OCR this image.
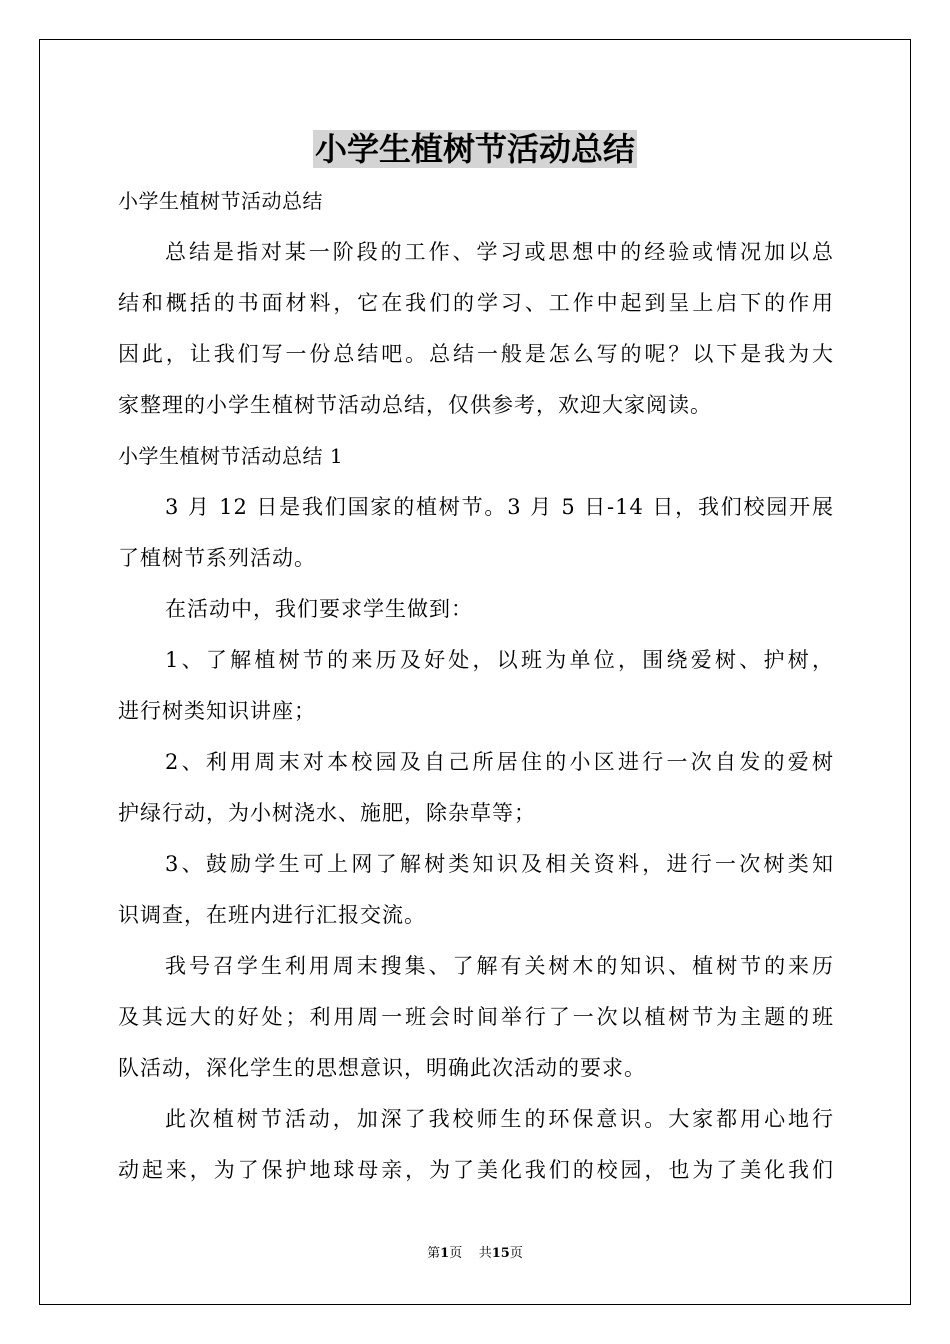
小学生植树节活动总结
小学生植树节活动总结
总结是指对某一阶段的工作、学习或思想中的经验或情况加以总
结和概括的书面材料，它在我们的学习、工作中起到呈上启下的作用
因此，让我们写一份总结吧。总结一般是怎么写的呢？以下是我为大
家整理的小学生植树节活动总结，仅供参考，欢迎大家阅读。
小学生植树节活动总结 1
3 月 12 日是我们国家的植树节。3 月 5 日-14 日，我们校园开展
了植树节系列活动。
在活动中，我们要求学生做到：
1、了解植树节的来历及好处，以班为单位，围绕爱树、护树，
进行树类知识讲座；
2、利用周末对本校园及自己所居住的小区进行一次自发的爱树
护绿行动，为小树浇水、施肥，除杂草等；
3、鼓励学生可上网了解树类知识及相关资料，进行一次树类知
识调查，在班内进行汇报交流。
我号召学生利用周末搜集、了解有关树木的知识、植树节的来历
及其远大的好处；利用周一班会时间举行了一次以植树节为主题的班
队活动，深化学生的思想意识，明确此次活动的要求。
此次植树节活动，加深了我校师生的环保意识。大家都用心地行
动起来，为了保护地球母亲，为了美化我们的校园，也为了美化我们
第1页 共15页
